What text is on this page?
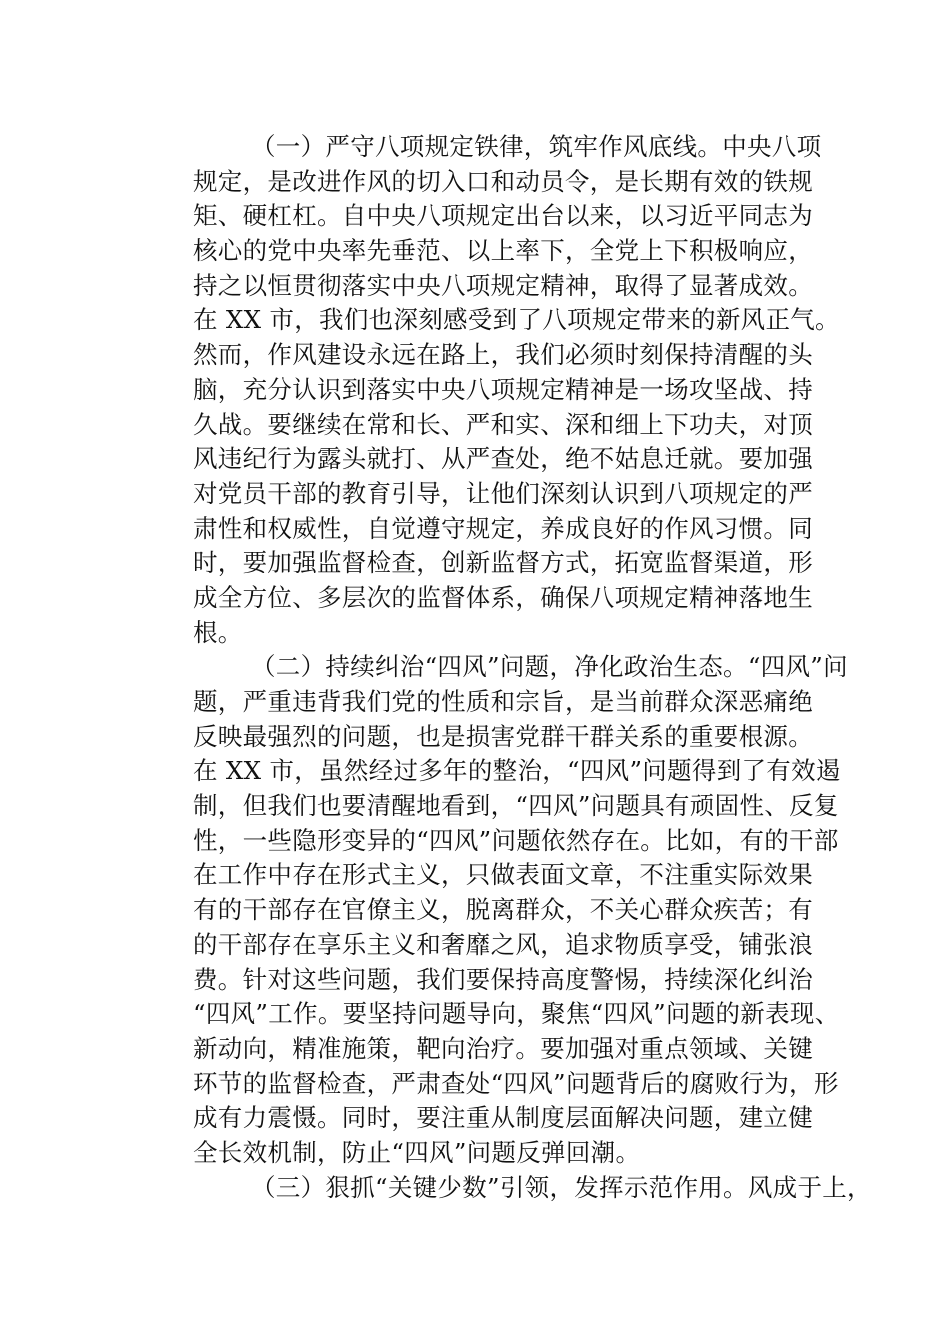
（一）严守八项规定铁律，筑牢作风底线。中央八项
规定，是改进作风的切入口和动员令，是长期有效的铁规
矩、硬杠杠。自中央八项规定出台以来，以习近平同志为
核心的党中央率先垂范、以上率下，全党上下积极响应，
持之以恒贯彻落实中央八项规定精神，取得了显著成效。
在 XX 市，我们也深刻感受到了八项规定带来的新风正气。
然而，作风建设永远在路上，我们必须时刻保持清醒的头
脑，充分认识到落实中央八项规定精神是一场攻坚战、持
久战。要继续在常和长、严和实、深和细上下功夫，对顶
风违纪行为露头就打、从严查处，绝不姑息迁就。要加强
对党员干部的教育引导，让他们深刻认识到八项规定的严
肃性和权威性，自觉遵守规定，养成良好的作风习惯。同
时，要加强监督检查，创新监督方式，拓宽监督渠道，形
成全方位、多层次的监督体系，确保八项规定精神落地生
根。
（二）持续纠治“四风”问题，净化政治生态。“四风”问
题，严重违背我们党的性质和宗旨，是当前群众深恶痛绝
反映最强烈的问题，也是损害党群干群关系的重要根源。
在 XX 市，虽然经过多年的整治，“四风”问题得到了有效遏
制，但我们也要清醒地看到，“四风”问题具有顽固性、反复
性，一些隐形变异的“四风”问题依然存在。比如，有的干部
在工作中存在形式主义，只做表面文章，不注重实际效果
有的干部存在官僚主义，脱离群众，不关心群众疾苦；有
的干部存在享乐主义和奢靡之风，追求物质享受，铺张浪
费。针对这些问题，我们要保持高度警惕，持续深化纠治
“四风”工作。要坚持问题导向，聚焦“四风”问题的新表现、
新动向，精准施策，靶向治疗。要加强对重点领域、关键
环节的监督检查，严肃查处“四风”问题背后的腐败行为，形
成有力震慑。同时，要注重从制度层面解决问题，建立健
全长效机制，防止“四风”问题反弹回潮。
（三）狠抓“关键少数”引领，发挥示范作用。风成于上，
